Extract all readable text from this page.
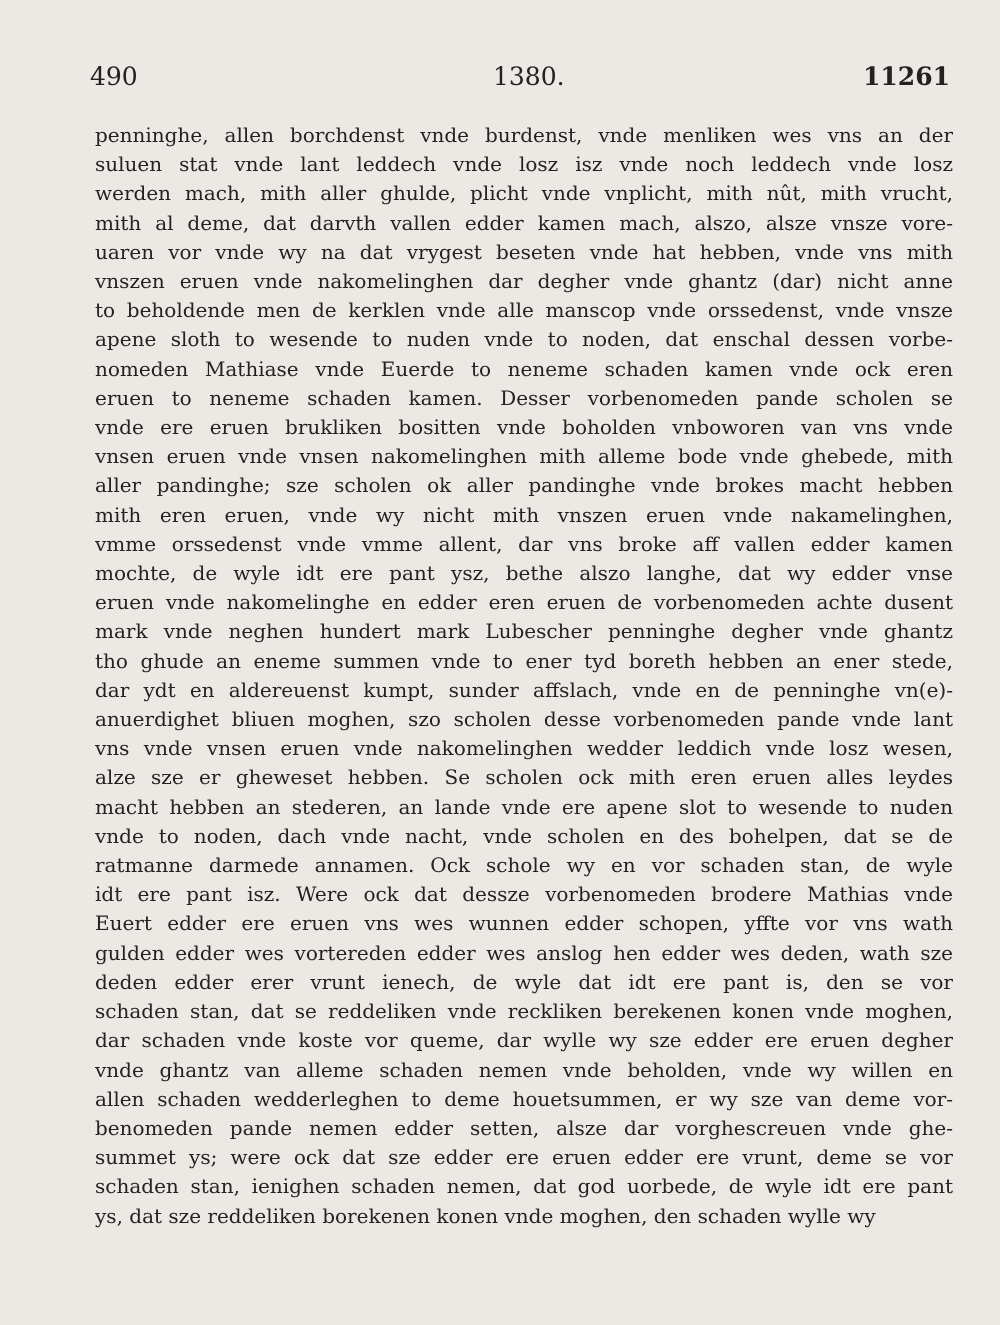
490	1380.	11261
penninghe, allen borchdenst vnde burdenst, vnde menliken wes vns an der
suluen stat vnde lant leddech vnde losz isz vnde noch leddech vnde losz
werden mach, mith aller ghulde, plicht vnde vnplicht, mith nût, mith vrucht,
mith al deme, dat darvth vallen edder kamen mach, alszo, alsze vnsze vore-
uaren vor vnde wy na dat vrygest beseten vnde hat hebben, vnde vns mith
vnszen eruen vnde nakomelinghen dar degher vnde ghantz (dar) nicht anne
to beholdende men de kerklen vnde alle manscop vnde orssedenst, vnde vnsze
apene sloth to wesende to nuden vnde to noden, dat enschal dessen vorbe-
nomeden Mathiase vnde Euerde to neneme schaden kamen vnde ock eren
eruen to neneme schaden kamen. Desser vorbenomeden pande scholen se
vnde ere eruen brukliken bositten vnde boholden vnboworen van vns vnde
vnsen eruen vnde vnsen nakomelinghen mith alleme bode vnde ghebede, mith
aller pandinghe; sze scholen ok aller pandinghe vnde brokes macht hebben
mith eren eruen, vnde wy nicht mith vnszen eruen vnde nakamelinghen,
vmme orssedenst vnde vmme allent, dar vns broke aff vallen edder kamen
mochte, de wyle idt ere pant ysz, bethe alszo langhe, dat wy edder vnse
eruen vnde nakomelinghe en edder eren eruen de vorbenomeden achte dusent
mark vnde neghen hundert mark Lubescher penninghe degher vnde ghantz
tho ghude an eneme summen vnde to ener tyd boreth hebben an ener stede,
dar ydt en aldereuenst kumpt, sunder affslach, vnde en de penninghe vn(e)-
anuerdighet bliuen moghen, szo scholen desse vorbenomeden pande vnde lant
vns vnde vnsen eruen vnde nakomelinghen wedder leddich vnde losz wesen,
alze sze er gheweset hebben. Se scholen ock mith eren eruen alles leydes
macht hebben an stederen, an lande vnde ere apene slot to wesende to nuden
vnde to noden, dach vnde nacht, vnde scholen en des bohelpen, dat se de
ratmanne darmede annamen. Ock schole wy en vor schaden stan, de wyle
idt ere pant isz. Were ock dat dessze vorbenomeden brodere Mathias vnde
Euert edder ere eruen vns wes wunnen edder schopen, yffte vor vns wath
gulden edder wes vortereden edder wes anslog hen edder wes deden, wath sze
deden edder erer vrunt ienech, de wyle dat idt ere pant is, den se vor
schaden stan, dat se reddeliken vnde reckliken berekenen konen vnde moghen,
dar schaden vnde koste vor queme, dar wylle wy sze edder ere eruen degher
vnde ghantz van alleme schaden nemen vnde beholden, vnde wy willen en
allen schaden wedderleghen to deme houetsummen, er wy sze van deme vor-
benomeden pande nemen edder setten, alsze dar vorghescreuen vnde ghe-
summet ys; were ock dat sze edder ere eruen edder ere vrunt, deme se vor
schaden stan, ienighen schaden nemen, dat god uorbede, de wyle idt ere pant
ys, dat sze reddeliken borekenen konen vnde moghen, den schaden wylle wy
